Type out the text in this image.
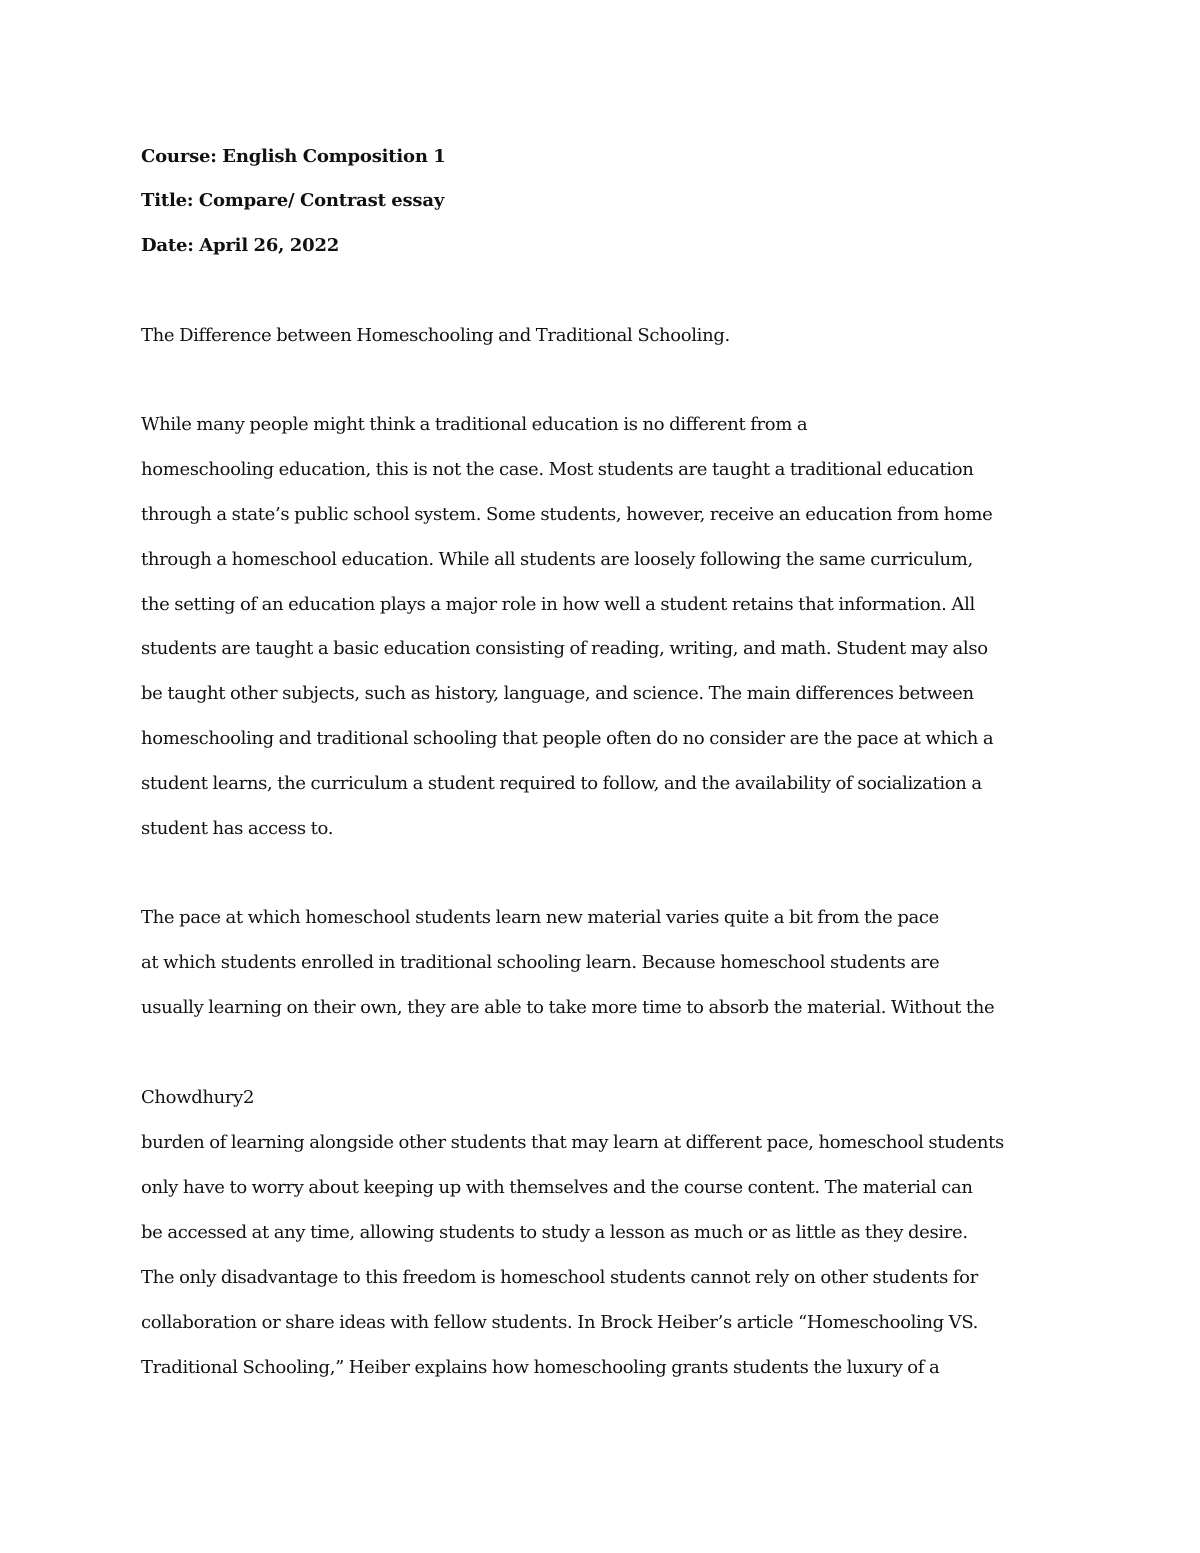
Course: English Composition 1
Title: Compare/ Contrast essay
Date: April 26, 2022
The Difference between Homeschooling and Traditional Schooling.
While many people might think a traditional education is no different from a
homeschooling education, this is not the case. Most students are taught a traditional education
through a state’s public school system. Some students, however, receive an education from home
through a homeschool education. While all students are loosely following the same curriculum,
the setting of an education plays a major role in how well a student retains that information. All
students are taught a basic education consisting of reading, writing, and math. Student may also
be taught other subjects, such as history, language, and science. The main differences between
homeschooling and traditional schooling that people often do no consider are the pace at which a
student learns, the curriculum a student required to follow, and the availability of socialization a
student has access to.
The pace at which homeschool students learn new material varies quite a bit from the pace
at which students enrolled in traditional schooling learn. Because homeschool students are
usually learning on their own, they are able to take more time to absorb the material. Without the
Chowdhury2
burden of learning alongside other students that may learn at different pace, homeschool students
only have to worry about keeping up with themselves and the course content. The material can
be accessed at any time, allowing students to study a lesson as much or as little as they desire.
The only disadvantage to this freedom is homeschool students cannot rely on other students for
collaboration or share ideas with fellow students. In Brock Heiber’s article “Homeschooling VS.
Traditional Schooling,” Heiber explains how homeschooling grants students the luxury of a
